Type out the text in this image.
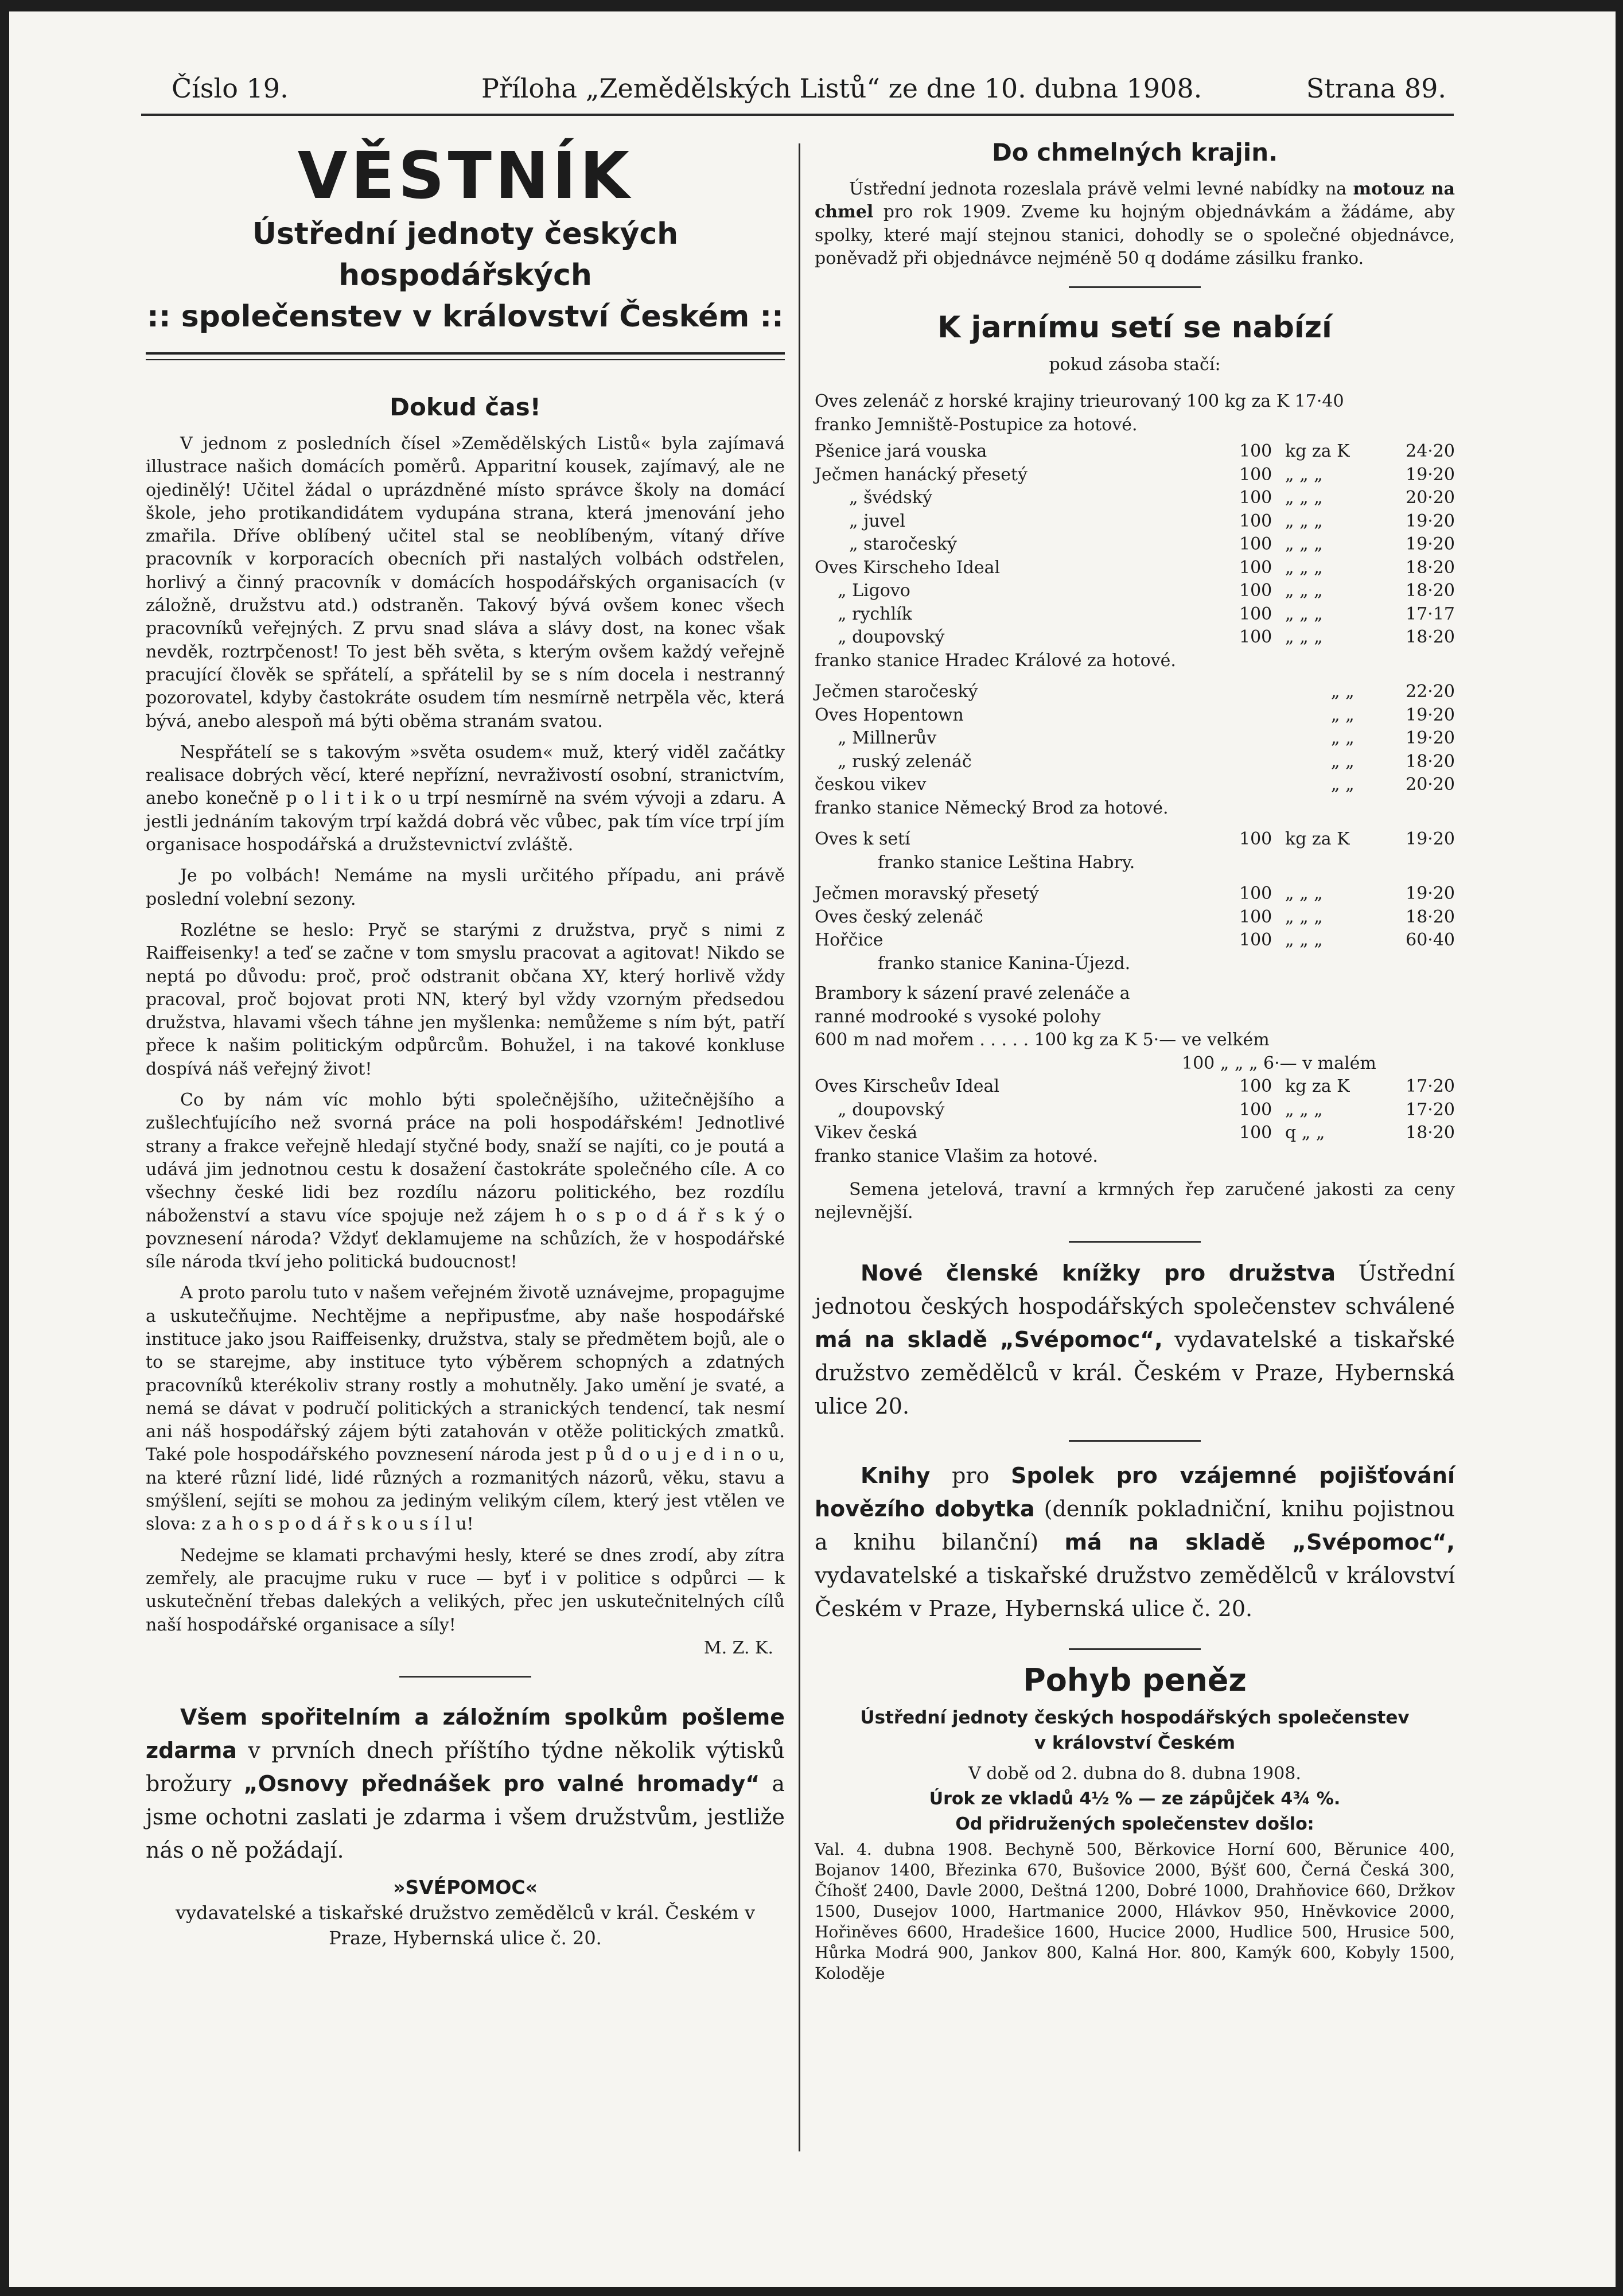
Číslo 19.	Příloha „Zemědělských Listů“ ze dne 10. dubna 1908.	Strana 89.
VĚSTNÍK
Ústřední jednoty českých hospodářských
:: společenstev v království Českém ::
Dokud čas!

V jednom z posledních čísel »Zemědělských Listů« byla zajímavá illustrace našich domácích poměrů. Apparitní kousek, zajímavý, ale ne ojedinělý! Učitel žádal o uprázdněné místo správce školy na domácí škole, jeho protikandidátem vydupána strana, která jmenování jeho zmařila. Dříve oblíbený učitel stal se neoblíbeným, vítaný dříve pracovník v korporacích obecních při nastalých volbách odstřelen, horlivý a činný pracovník v domácích hospodářských organisacích (v záložně, družstvu atd.) odstraněn. Takový bývá ovšem konec všech pracovníků veřejných. Z prvu snad sláva a slávy dost, na konec však nevděk, roztrpčenost! To jest běh světa, s kterým ovšem každý veřejně pracující člověk se spřátelí, a spřátelil by se s ním docela i nestranný pozorovatel, kdyby častokráte osudem tím nesmírně netrpěla věc, která bývá, anebo alespoň má býti oběma stranám svatou.

Nespřátelí se s takovým »světa osudem« muž, který viděl začátky realisace dobrých věcí, které nepřízní, nevraživostí osobní, stranictvím, anebo konečně p o l i t i k o u trpí nesmírně na svém vývoji a zdaru. A jestli jednáním takovým trpí každá dobrá věc vůbec, pak tím více trpí jím organisace hospodářská a družstevnictví zvláště.

Je po volbách! Nemáme na mysli určitého případu, ani právě poslední volební sezony.

Rozlétne se heslo: Pryč se starými z družstva, pryč s nimi z Raiffeisenky! a teď se začne v tom smyslu pracovat a agitovat! Nikdo se neptá po důvodu: proč, proč odstranit občana XY, který horlivě vždy pracoval, proč bojovat proti NN, který byl vždy vzorným předsedou družstva, hlavami všech táhne jen myšlenka: nemůžeme s ním být, patří přece k našim politickým odpůrcům. Bohužel, i na takové konkluse dospívá náš veřejný život!

Co by nám víc mohlo býti společnějšího, užitečnějšího a zušlechťujícího než svorná práce na poli hospodářském! Jednotlivé strany a frakce veřejně hledají styčné body, snaží se najíti, co je poutá a udává jim jednotnou cestu k dosažení častokráte společného cíle. A co všechny české lidi bez rozdílu názoru politického, bez rozdílu náboženství a stavu více spojuje než zájem h o s p o d á ř s k ý o povznesení národa? Vždyť deklamujeme na schůzích, že v hospodářské síle národa tkví jeho politická budoucnost!

A proto parolu tuto v našem veřejném životě uznávejme, propagujme a uskutečňujme. Nechtějme a nepřipusťme, aby naše hospodářské instituce jako jsou Raiffeisenky, družstva, staly se předmětem bojů, ale o to se starejme, aby instituce tyto výběrem schopných a zdatných pracovníků kterékoliv strany rostly a mohutněly. Jako umění je svaté, a nemá se dávat v područí politických a stranických tendencí, tak nesmí ani náš hospodářský zájem býti zatahován v otěže politických zmatků. Také pole hospodářského povznesení národa jest p ů d o u j e d i n o u, na které různí lidé, lidé různých a rozmanitých názorů, věku, stavu a smýšlení, sejíti se mohou za jediným velikým cílem, který jest vtělen ve slova: z a h o s p o d á ř s k o u s í l u!

Nedejme se klamati prchavými hesly, které se dnes zrodí, aby zítra zemřely, ale pracujme ruku v ruce — byť i v politice s odpůrci — k uskutečnění třebas dalekých a velikých, přec jen uskutečnitelných cílů naší hospodářské organisace a síly!

M. Z. K.

Všem spořitelním a záložním spolkům pošleme zdarma v prvních dnech příštího týdne několik výtisků brožury „Osnovy přednášek pro valné hromady“ a jsme ochotni zaslati je zdarma i všem družstvům, jestliže nás o ně požádají.

»SVÉPOMOC«
vydavatelské a tiskařské družstvo zemědělců v král. Českém v Praze, Hybernská ulice č. 20.
Do chmelných krajin.

Ústřední jednota rozeslala právě velmi levné nabídky na motouz na chmel pro rok 1909. Zveme ku hojným objednávkám a žádáme, aby spolky, které mají stejnou stanici, dohodly se o společné objednávce, poněvadž při objednávce nejméně 50 q dodáme zásilku franko.

K jarnímu setí se nabízí
pokud zásoba stačí:
Oves zelenáč z horské krajiny trieurovaný 100 kg za K 17·40
franko Jemniště-Postupice za hotové.
Pšenice jará vouska	100 kg za K	24·20
Ječmen hanácký přesetý	100 „ „ „	19·20
„ švédský	100 „ „ „	20·20
„ juvel	100 „ „ „	19·20
„ staročeský	100 „ „ „	19·20
Oves Kirscheho Ideal	100 „ „ „	18·20
„ Ligovo	100 „ „ „	18·20
„ rychlík	100 „ „ „	17·17
„ doupovský	100 „ „ „	18·20
franko stanice Hradec Králové za hotové.
Ječmen staročeský	„ „	22·20
Oves Hopentown	„ „	19·20
„ Millnerův	„ „	19·20
„ ruský zelenáč	„ „	18·20
českou vikev	„ „	20·20
franko stanice Německý Brod za hotové.
Oves k setí	100 kg za K	19·20
franko stanice Leština Habry.
Ječmen moravský přesetý	100 „ „ „	19·20
Oves český zelenáč	100 „ „ „	18·20
Hořčice	100 „ „ „	60·40
franko stanice Kanina-Újezd.
Brambory k sázení pravé zelenáče a
ranné modrooké s vysoké polohy
600 m nad mořem . . . . . 100 kg za K 5·— ve velkém
100 „ „ „ 6·— v malém
Oves Kirscheův Ideal	100 kg za K	17·20
„ doupovský	100 „ „ „	17·20
Vikev česká	100 q „ „	18·20
franko stanice Vlašim za hotové.

Semena jetelová, travní a krmných řep zaručené jakosti za ceny nejlevnější.

Nové členské knížky pro družstva Ústřední jednotou českých hospodářských společenstev schválené má na skladě „Svépomoc“, vydavatelské a tiskařské družstvo zemědělců v král. Českém v Praze, Hybernská ulice 20.

Knihy pro Spolek pro vzájemné pojišťování hovězího dobytka (denník pokladniční, knihu pojistnou a knihu bilanční) má na skladě „Svépomoc“, vydavatelské a tiskařské družstvo zemědělců v království Českém v Praze, Hybernská ulice č. 20.

Pohyb peněz
Ústřední jednoty českých hospodářských společenstev
v království Českém
V době od 2. dubna do 8. dubna 1908.
Úrok ze vkladů 4½ % — ze zápůjček 4¾ %.
Od přidružených společenstev došlo:

Val. 4. dubna 1908. Bechyně 500, Běrkovice Horní 600, Běrunice 400, Bojanov 1400, Březinka 670, Bušovice 2000, Býšť 600, Černá Česká 300, Číhošť 2400, Davle 2000, Deštná 1200, Dobré 1000, Drahňovice 660, Držkov 1500, Dusejov 1000, Hartmanice 2000, Hlávkov 950, Hněvkovice 2000, Hořiněves 6600, Hradešice 1600, Hucice 2000, Hudlice 500, Hrusice 500, Hůrka Modrá 900, Jankov 800, Kalná Hor. 800, Kamýk 600, Kobyly 1500, Koloděje
